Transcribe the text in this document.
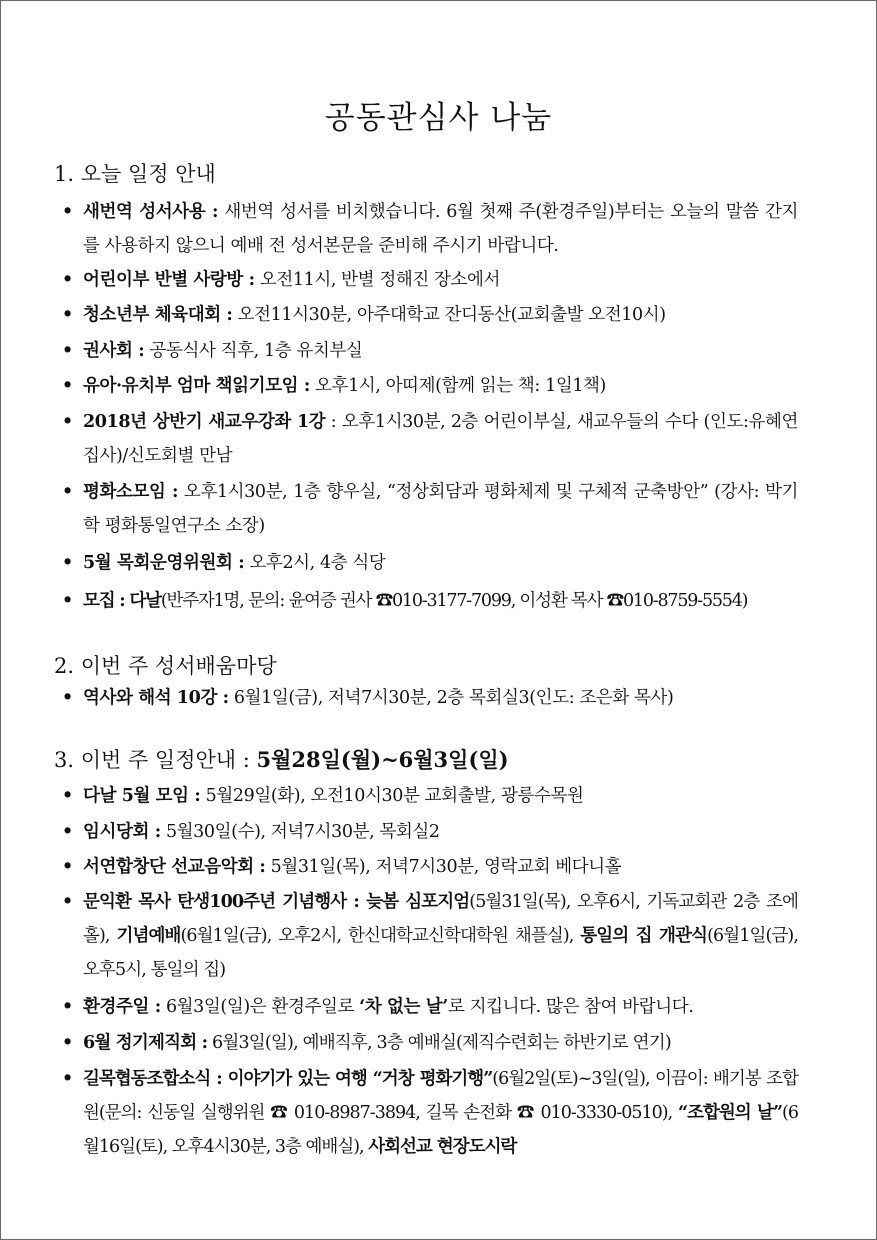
공동관심사 나눔
1. 오늘 일정 안내
• 새번역 성서사용 : 새번역 성서를 비치했습니다. 6월 첫째 주(환경주일)부터는 오늘의 말씀 간지를 사용하지 않으니 예배 전 성서본문을 준비해 주시기 바랍니다.
• 어린이부 반별 사랑방 : 오전11시, 반별 정해진 장소에서
• 청소년부 체육대회 : 오전11시30분, 아주대학교 잔디동산(교회출발 오전10시)
• 권사회 : 공동식사 직후, 1층 유치부실
• 유아·유치부 엄마 책읽기모임 : 오후1시, 아띠제(함께 읽는 책: 1일1책)
• 2018년 상반기 새교우강좌 1강 : 오후1시30분, 2층 어린이부실, 새교우들의 수다 (인도:유혜연 집사)/신도회별 만남
• 평화소모임 : 오후1시30분, 1층 향우실, “정상회담과 평화체제 및 구체적 군축방안” (강사: 박기학 평화통일연구소 소장)
• 5월 목회운영위원회 : 오후2시, 4층 식당
• 모집 : 다날(반주자1명, 문의: 윤여증 권사 ☎010-3177-7099, 이성환 목사 ☎010-8759-5554)
2. 이번 주 성서배움마당
• 역사와 해석 10강 : 6월1일(금), 저녁7시30분, 2층 목회실3(인도: 조은화 목사)
3. 이번 주 일정안내 : 5월28일(월)~6월3일(일)
• 다날 5월 모임 : 5월29일(화), 오전10시30분 교회출발, 광릉수목원
• 임시당회 : 5월30일(수), 저녁7시30분, 목회실2
• 서연합창단 선교음악회 : 5월31일(목), 저녁7시30분, 영락교회 베다니홀
• 문익환 목사 탄생100주년 기념행사 : 늦봄 심포지엄(5월31일(목), 오후6시, 기독교회관 2층 조에홀), 기념예배(6월1일(금), 오후2시, 한신대학교신학대학원 채플실), 통일의 집 개관식(6월1일(금), 오후5시, 통일의 집)
• 환경주일 : 6월3일(일)은 환경주일로 ‘차 없는 날’로 지킵니다. 많은 참여 바랍니다.
• 6월 정기제직회 : 6월3일(일), 예배직후, 3층 예배실(제직수련회는 하반기로 연기)
• 길목협동조합소식 : 이야기가 있는 여행 “거창 평화기행”(6월2일(토)~3일(일), 이끔이: 배기봉 조합원(문의: 신동일 실행위원 ☎ 010-8987-3894, 길목 손전화 ☎ 010-3330-0510), “조합원의 날”(6월16일(토), 오후4시30분, 3층 예배실), 사회선교 현장도시락
